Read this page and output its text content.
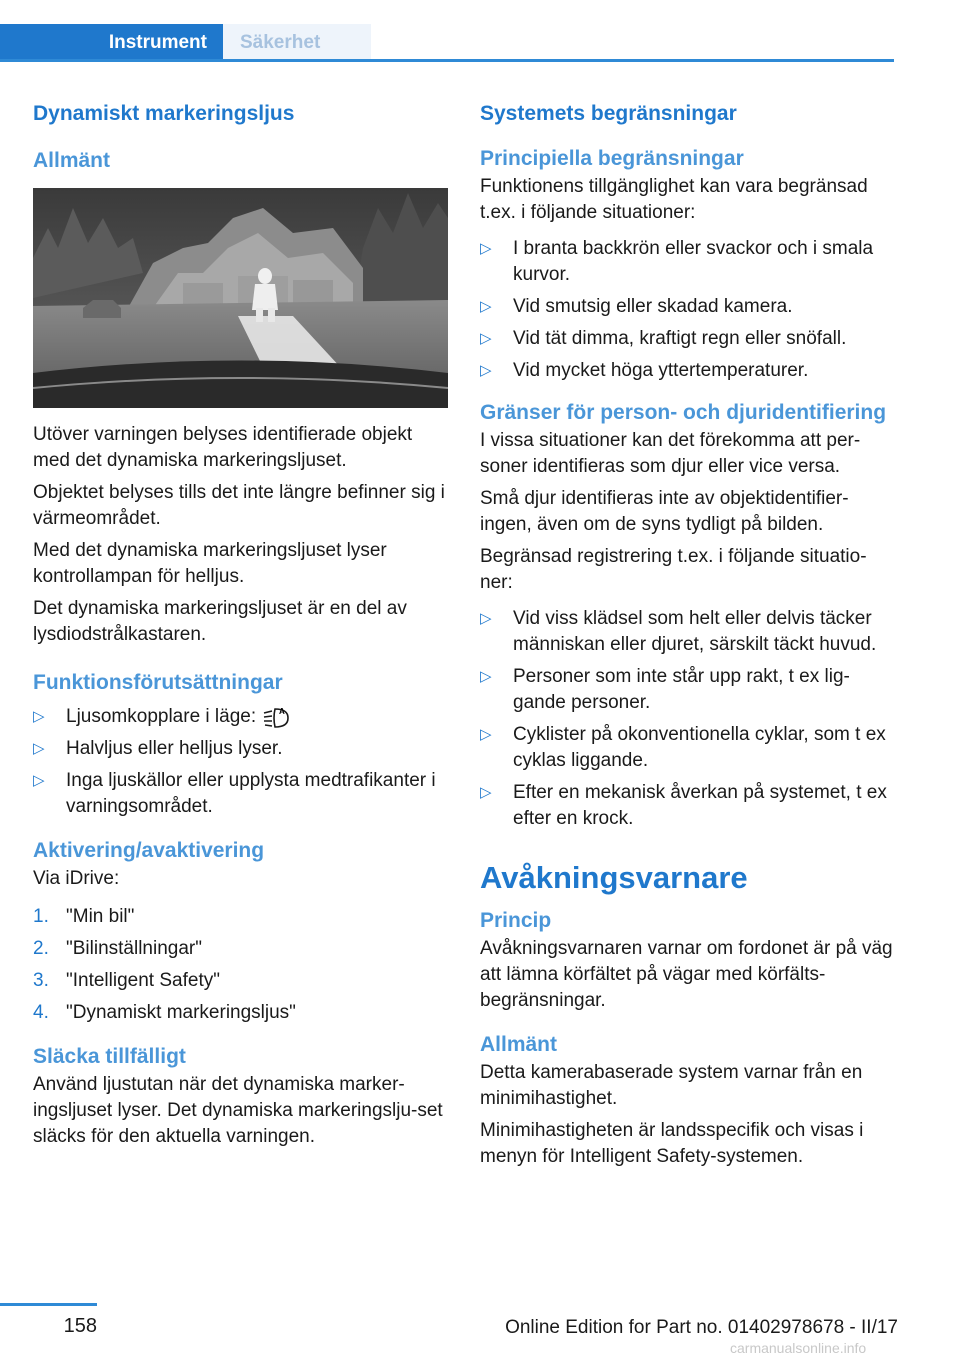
Instrument	Säkerhet
Dynamiskt markeringsljus
Allmänt

Utöver varningen belyses identifierade objekt med det dynamiska markeringsljuset.

Objektet belyses tills det inte längre befinner sig i värmeområdet.

Med det dynamiska markeringsljuset lyser kontrollampan för helljus.

Det dynamiska markeringsljuset är en del av lysdiodstrålkastaren.

Funktionsförutsättningar
▷ Ljusomkopplare i läge:	A
▷ Halvljus eller helljus lyser.
▷ Inga ljuskällor eller upplysta medtrafikanter i varningsområdet.
Aktivering/avaktivering

Via iDrive:

1. "Min bil"
2. "Bilinställningar"
3. "Intelligent Safety"
4. "Dynamiskt markeringsljus"
Släcka tillfälligt

Använd ljustutan när det dynamiska marker-ingsljuset lyser. Det dynamiska markeringslju-set släcks för den aktuella varningen.

Systemets begränsningar
Principiella begränsningar

Funktionens tillgänglighet kan vara begränsad t.ex. i följande situationer:

▷ I branta backkrön eller svackor och i smala kurvor.
▷ Vid smutsig eller skadad kamera.
▷ Vid tät dimma, kraftigt regn eller snöfall.
▷ Vid mycket höga yttertemperaturer.
Gränser för person- och djuridentifiering

I vissa situationer kan det förekomma att per-soner identifieras som djur eller vice versa.

Små djur identifieras inte av objektidentifier-ingen, även om de syns tydligt på bilden.

Begränsad registrering t.ex. i följande situatio-ner:

▷ Vid viss klädsel som helt eller delvis täcker människan eller djuret, särskilt täckt huvud.
▷ Personer som inte står upp rakt, t ex lig-gande personer.
▷ Cyklister på okonventionella cyklar, som t ex cyklas liggande.
▷ Efter en mekanisk åverkan på systemet, t ex efter en krock.
Avåkningsvarnare
Princip

Avåkningsvarnaren varnar om fordonet är på väg att lämna körfältet på vägar med körfälts-begränsningar.

Allmänt

Detta kamerabaserade system varnar från en minimihastighet.

Minimihastigheten är landsspecifik och visas i menyn för Intelligent Safety-systemen.

158	Online Edition for Part no. 01402978678 - II/17
carmanualsonline.info
